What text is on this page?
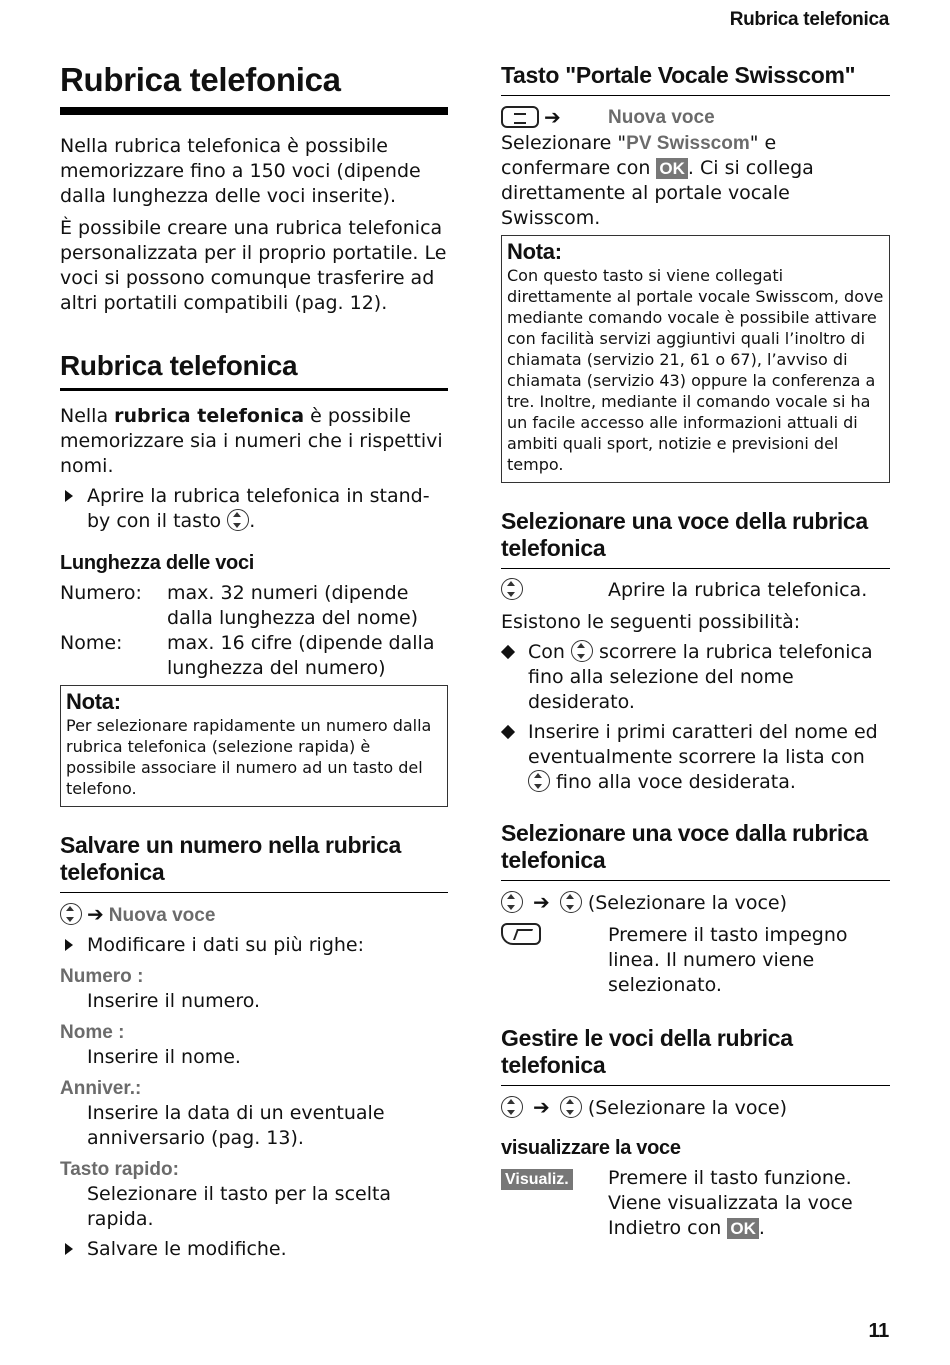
Rubrica telefonica
Rubrica telefonica
Nella rubrica telefonica è possibile memorizzare fino a 150 voci (dipende dalla lunghezza delle voci inserite).
È possibile creare una rubrica telefonica personalizzata per il proprio portatile. Le voci si possono comunque trasferire ad altri portatili compatibili (pag. 12).
Rubrica telefonica
Nella rubrica telefonica è possibile memorizzare sia i numeri che i rispettivi nomi.
Aprire la rubrica telefonica in stand-by con il tasto .
Lunghezza delle voci
Numero:	max. 32 numeri (dipende dalla lunghezza del nome)
Nome:	max. 16 cifre (dipende dalla lunghezza del numero)
Nota:
Per selezionare rapidamente un numero dalla rubrica telefonica (selezione rapida) è possibile associare il numero ad un tasto del telefono.
Salvare un numero nella rubrica telefonica
➔ Nuova voce
Modificare i dati su più righe:
Numero :
Inserire il numero.
Nome :
Inserire il nome.
Anniver.:
Inserire la data di un eventuale anniversario (pag. 13).
Tasto rapido:
Selezionare il tasto per la scelta rapida.
Salvare le modifiche.
Tasto "Portale Vocale Swisscom"
➔	Nuova voce
Selezionare "PV Swisscom" e confermare con OK . Ci si collega direttamente al portale vocale Swisscom.
Nota:
Con questo tasto si viene collegati direttamente al portale vocale Swisscom, dove mediante comando vocale è possibile attivare con facilità servizi aggiuntivi quali l’inoltro di chiamata (servizio 21, 61 o 67), l’avviso di chiamata (servizio 43) oppure la conferenza a tre. Inoltre, mediante il comando vocale si ha un facile accesso alle informazioni attuali di ambiti quali sport, notizie e previsioni del tempo.
Selezionare una voce della rubrica telefonica
Aprire la rubrica telefonica.
Esistono le seguenti possibilità:
Con  scorrere la rubrica telefonica fino alla selezione del nome desiderato.
Inserire i primi caratteri del nome ed eventualmente scorrere la lista con  fino alla voce desiderata.
Selezionare una voce dalla rubrica telefonica
➔ (Selezionare la voce)
Premere il tasto impegno linea. Il numero viene selezionato.
Gestire le voci della rubrica telefonica
➔ (Selezionare la voce)
visualizzare la voce
Visualiz.	Premere il tasto funzione. Viene visualizzata la voce
Indietro con OK .
11
